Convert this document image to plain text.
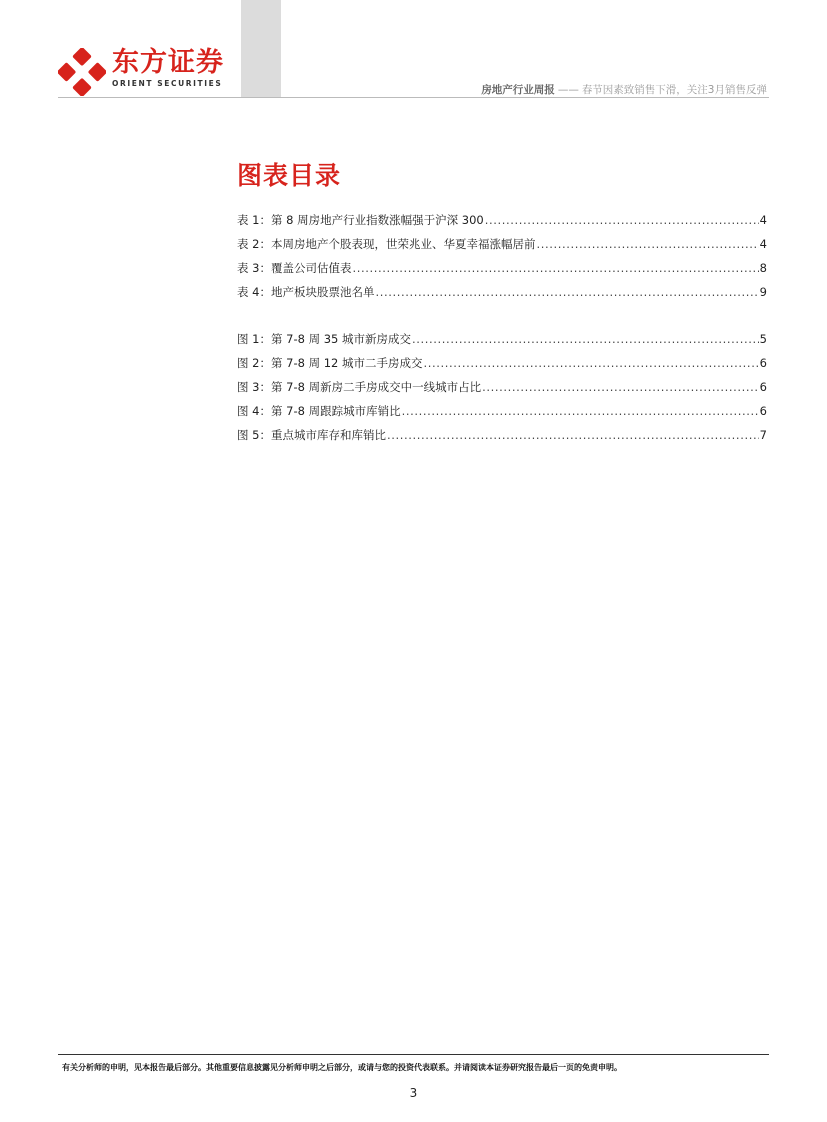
东方证券
ORIENT SECURITIES
房地产行业周报 —— 春节因素致销售下滑，关注3月销售反弹
图表目录
表 1：第 8 周房地产行业指数涨幅强于沪深 300 .....	4
表 2：本周房地产个股表现，世荣兆业、华夏幸福涨幅居前 .....	4
表 3：覆盖公司估值表 .....	8
表 4：地产板块股票池名单 .....	9
图 1：第 7-8 周 35 城市新房成交 .....	5
图 2：第 7-8 周 12 城市二手房成交 .....	6
图 3：第 7-8 周新房二手房成交中一线城市占比 .....	6
图 4：第 7-8 周跟踪城市库销比 .....	6
图 5：重点城市库存和库销比 .....	7
有关分析师的申明，见本报告最后部分。其他重要信息披露见分析师申明之后部分，或请与您的投资代表联系。并请阅读本证券研究报告最后一页的免责申明。
3
